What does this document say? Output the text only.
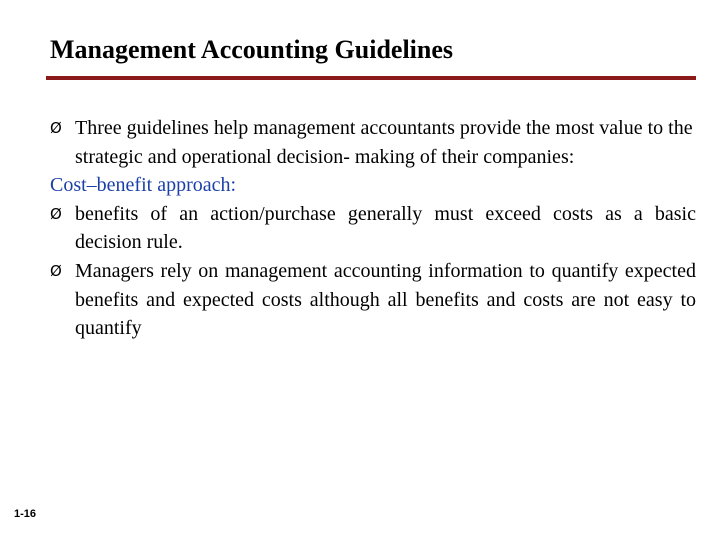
Management Accounting Guidelines
Ø Three guidelines help management accountants provide the most value to the strategic and operational decision- making of their companies:
Cost–benefit approach:
Ø benefits of an action/purchase generally must exceed costs as a basic decision rule.
Ø Managers rely on management accounting information to quantify expected benefits and expected costs although all benefits and costs are not easy to quantify
1-16
